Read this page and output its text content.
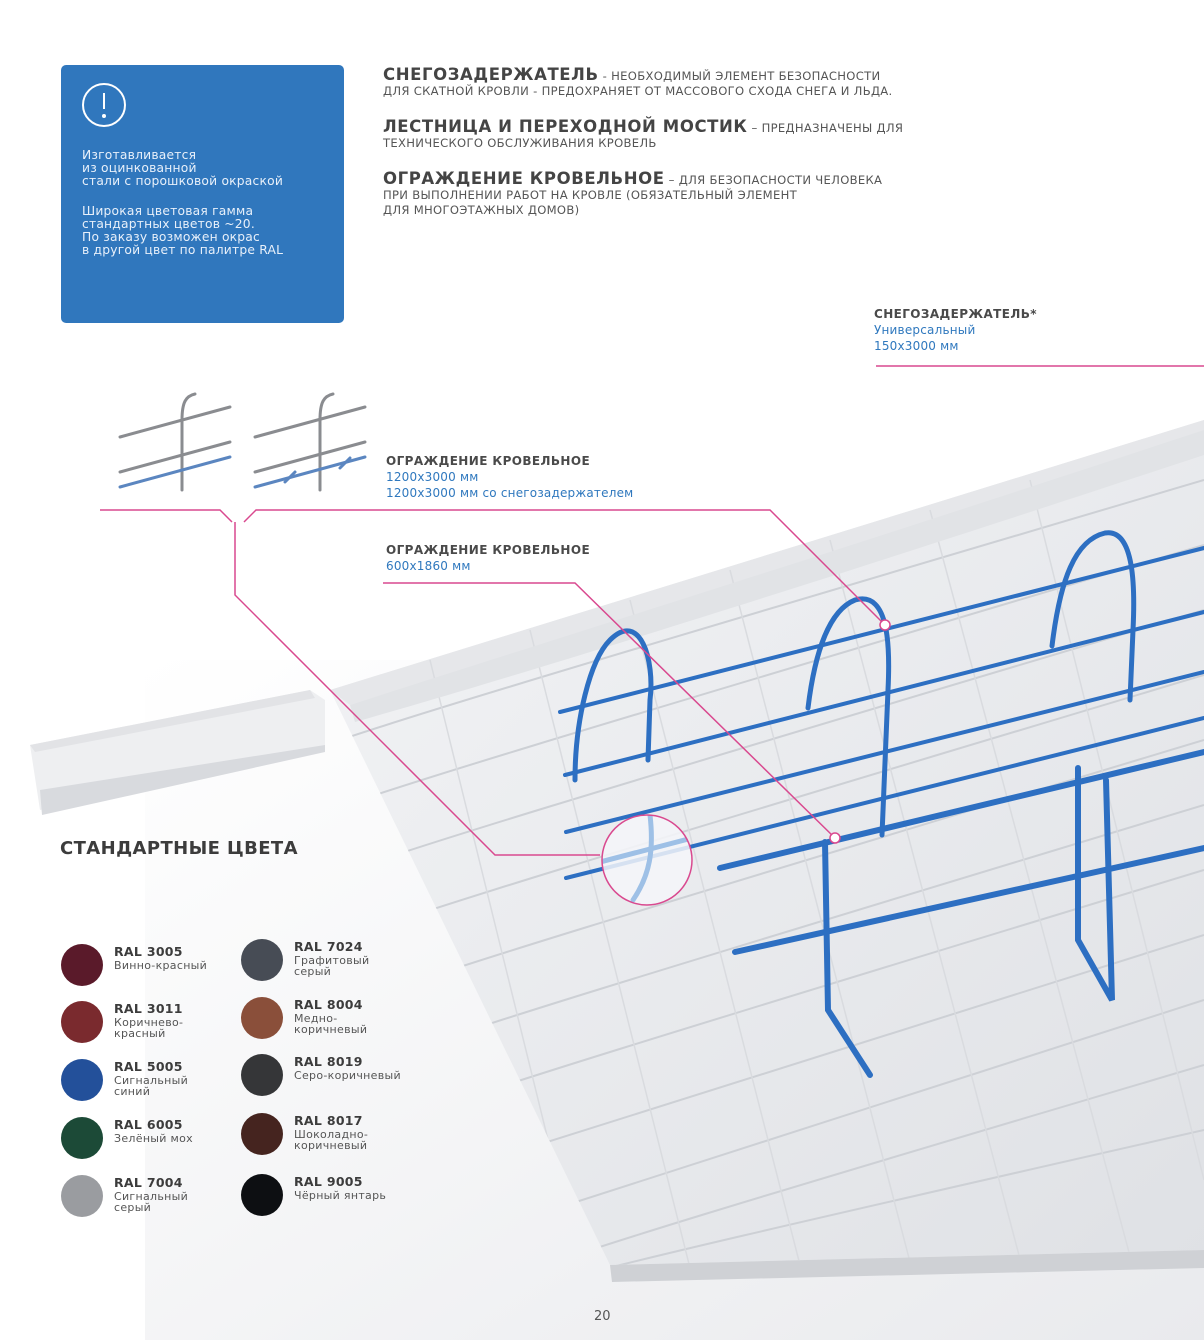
Изготавливается
из оцинкованной
стали с порошковой окраской

Широкая цветовая гамма
стандартных цветов ~20.
По заказу возможен окрас
в другой цвет по палитре RAL

СНЕГОЗАДЕРЖАТЕЛЬ - НЕОБХОДИМЫЙ ЭЛЕМЕНТ БЕЗОПАСНОСТИ
ДЛЯ СКАТНОЙ КРОВЛИ - ПРЕДОХРАНЯЕТ ОТ МАССОВОГО СХОДА СНЕГА И ЛЬДА.

ЛЕСТНИЦА И ПЕРЕХОДНОЙ МОСТИК – ПРЕДНАЗНАЧЕНЫ ДЛЯ
ТЕХНИЧЕСКОГО ОБСЛУЖИВАНИЯ КРОВЕЛЬ

ОГРАЖДЕНИЕ КРОВЕЛЬНОЕ – ДЛЯ БЕЗОПАСНОСТИ ЧЕЛОВЕКА
ПРИ ВЫПОЛНЕНИИ РАБОТ НА КРОВЛЕ (ОБЯЗАТЕЛЬНЫЙ ЭЛЕМЕНТ
ДЛЯ МНОГОЭТАЖНЫХ ДОМОВ)

СНЕГОЗАДЕРЖАТЕЛЬ*
Универсальный
150x3000 мм

ОГРАЖДЕНИЕ КРОВЕЛЬНОЕ
1200x3000 мм
1200x3000 мм со снегозадержателем

ОГРАЖДЕНИЕ КРОВЕЛЬНОЕ
600x1860 мм

СТАНДАРТНЫЕ ЦВЕТА

RAL 3005
Винно-красный
RAL 3011
Коричнево-
красный
RAL 5005
Сигнальный
синий
RAL 6005
Зелёный мох
RAL 7004
Сигнальный
серый
RAL 7024
Графитовый
серый
RAL 8004
Медно-
коричневый
RAL 8019
Серо-коричневый
RAL 8017
Шоколадно-
коричневый
RAL 9005
Чёрный янтарь

20
